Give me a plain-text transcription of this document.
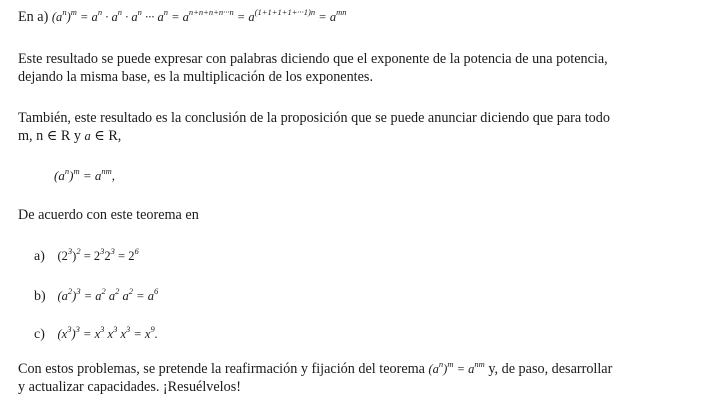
En a) $(a^n)^m = a^n \cdot a^n \cdot a^n$ ··· $a^n = a^{n+n+n+n\cdot\cdot\cdot n} = a^{(1+1+1+1+\cdot\cdot\cdot 1)n} = a^{mn}$
Este resultado se puede expresar con palabras diciendo que el exponente de la potencia de una potencia,
dejando la misma base, es la multiplicación de los exponentes.
También, este resultado es la conclusión de la proposición que se puede anunciar diciendo que para todo
m, n ∈ R y a ∈ R,
$(a^n)^m = a^{nm}$,
De acuerdo con este teorema en
a) $(2^3)^2 = 2^32^3 = 2^6$
b) $(a^2)^3 = a^2$ $a^2$ $a^2 = a^6$
c) $(x^3)^3 = x^3$ $x^3$ $x^3 = x^9$.
Con estos problemas, se pretende la reafirmación y fijación del teorema $(a^n)^m = a^{nm}$ y, de paso, desarrollar
y actualizar capacidades. ¡Resuélvelos!
